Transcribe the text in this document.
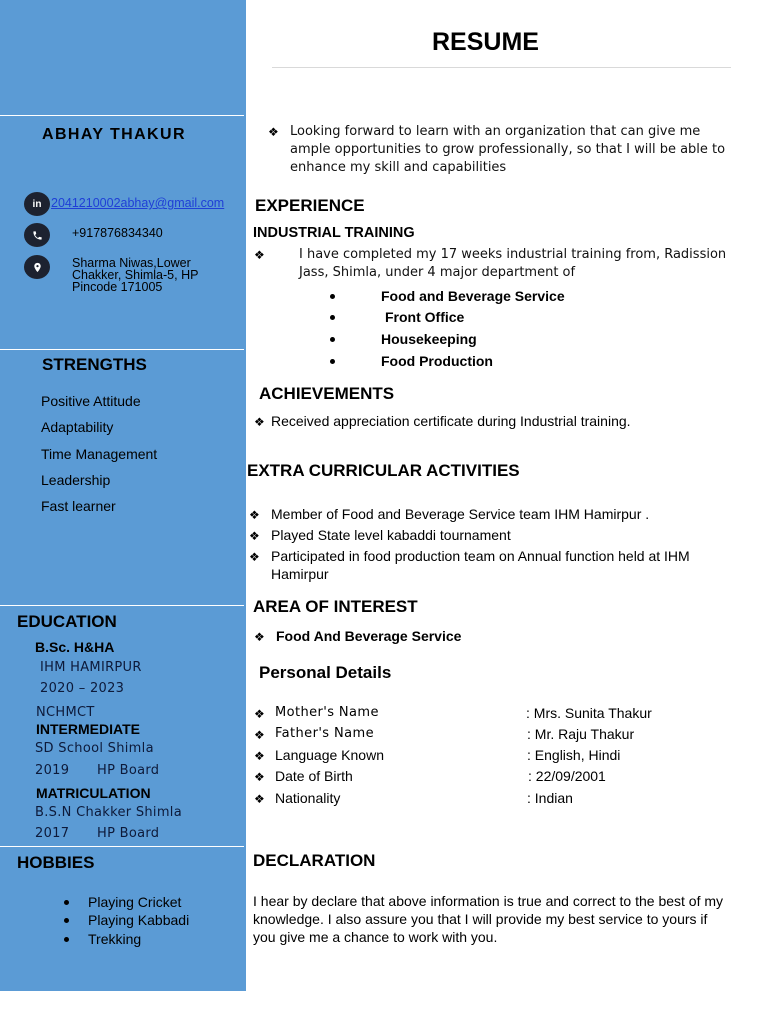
ABHAY THAKUR
in 2041210002abhay@gmail.com
+917876834340
Sharma Niwas,Lower
Chakker, Shimla-5, HP
Pincode 171005
STRENGTHS
Positive Attitude
Adaptability
Time Management
Leadership
Fast learner
EDUCATION
B.Sc. H&HA
IHM HAMIRPUR
2020 – 2023
NCHMCT
INTERMEDIATE
SD School Shimla
2019 HP Board
MATRICULATION
B.S.N Chakker Shimla
2017 HP Board
HOBBIES
Playing Cricket
Playing Kabbadi
Trekking
RESUME
❖ Looking forward to learn with an organization that can give me ample opportunities to grow professionally, so that I will be able to enhance my skill and capabilities
EXPERIENCE
INDUSTRIAL TRAINING
❖	I have completed my 17 weeks industrial training from, Radission Jass, Shimla, under 4 major department of
Food and Beverage Service
Front Office
Housekeeping
Food Production
ACHIEVEMENTS
❖ Received appreciation certificate during Industrial training.
EXTRA CURRICULAR ACTIVITIES
❖ Member of Food and Beverage Service team IHM Hamirpur .
❖ Played State level kabaddi tournament
❖ Participated in food production team on Annual function held at IHM
Hamirpur
AREA OF INTEREST
❖ Food And Beverage Service
Personal Details
❖ Mother's Name	: Mrs. Sunita Thakur
❖ Father's Name	: Mr. Raju Thakur
❖ Language Known	: English, Hindi
❖ Date of Birth	: 22/09/2001
❖ Nationality	: Indian
DECLARATION
I hear by declare that above information is true and correct to the best of my
knowledge. I also assure you that I will provide my best service to yours if
you give me a chance to work with you.
